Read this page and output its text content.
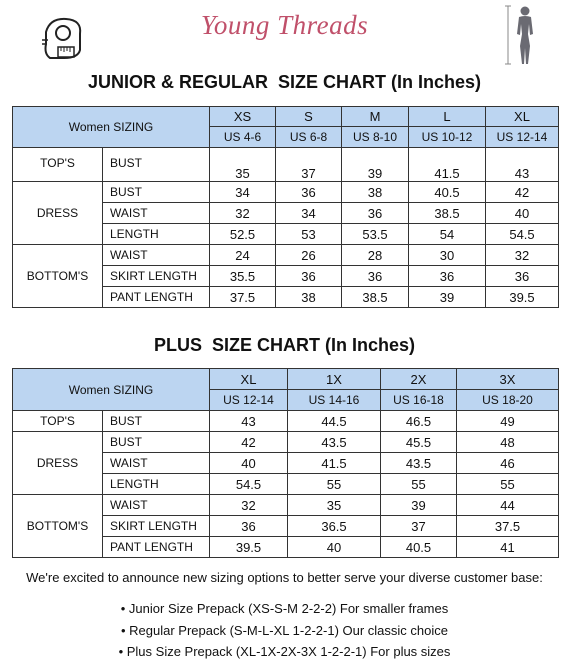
Young Threads
JUNIOR & REGULAR  SIZE CHART (In Inches)
Women SIZING		XS	S	M	L	XL
		US 4-6	US 6-8	US 8-10	US 10-12	US 12-14
TOP'S	BUST	35	37	39	41.5	43
DRESS	BUST	34	36	38	40.5	42
	WAIST	32	34	36	38.5	40
	LENGTH	52.5	53	53.5	54	54.5
BOTTOM'S	WAIST	24	26	28	30	32
	SKIRT LENGTH	35.5	36	36	36	36
	PANT LENGTH	37.5	38	38.5	39	39.5
PLUS  SIZE CHART (In Inches)
Women SIZING		XL	1X	2X	3X
		US 12-14	US 14-16	US 16-18	US 18-20
TOP'S	BUST	43	44.5	46.5	49
DRESS	BUST	42	43.5	45.5	48
	WAIST	40	41.5	43.5	46
	LENGTH	54.5	55	55	55
BOTTOM'S	WAIST	32	35	39	44
	SKIRT LENGTH	36	36.5	37	37.5
	PANT LENGTH	39.5	40	40.5	41
We're excited to announce new sizing options to better serve your diverse customer base:
• Junior Size Prepack (XS-S-M 2-2-2) For smaller frames
• Regular Prepack (S-M-L-XL 1-2-2-1) Our classic choice
• Plus Size Prepack (XL-1X-2X-3X 1-2-2-1) For plus sizes
